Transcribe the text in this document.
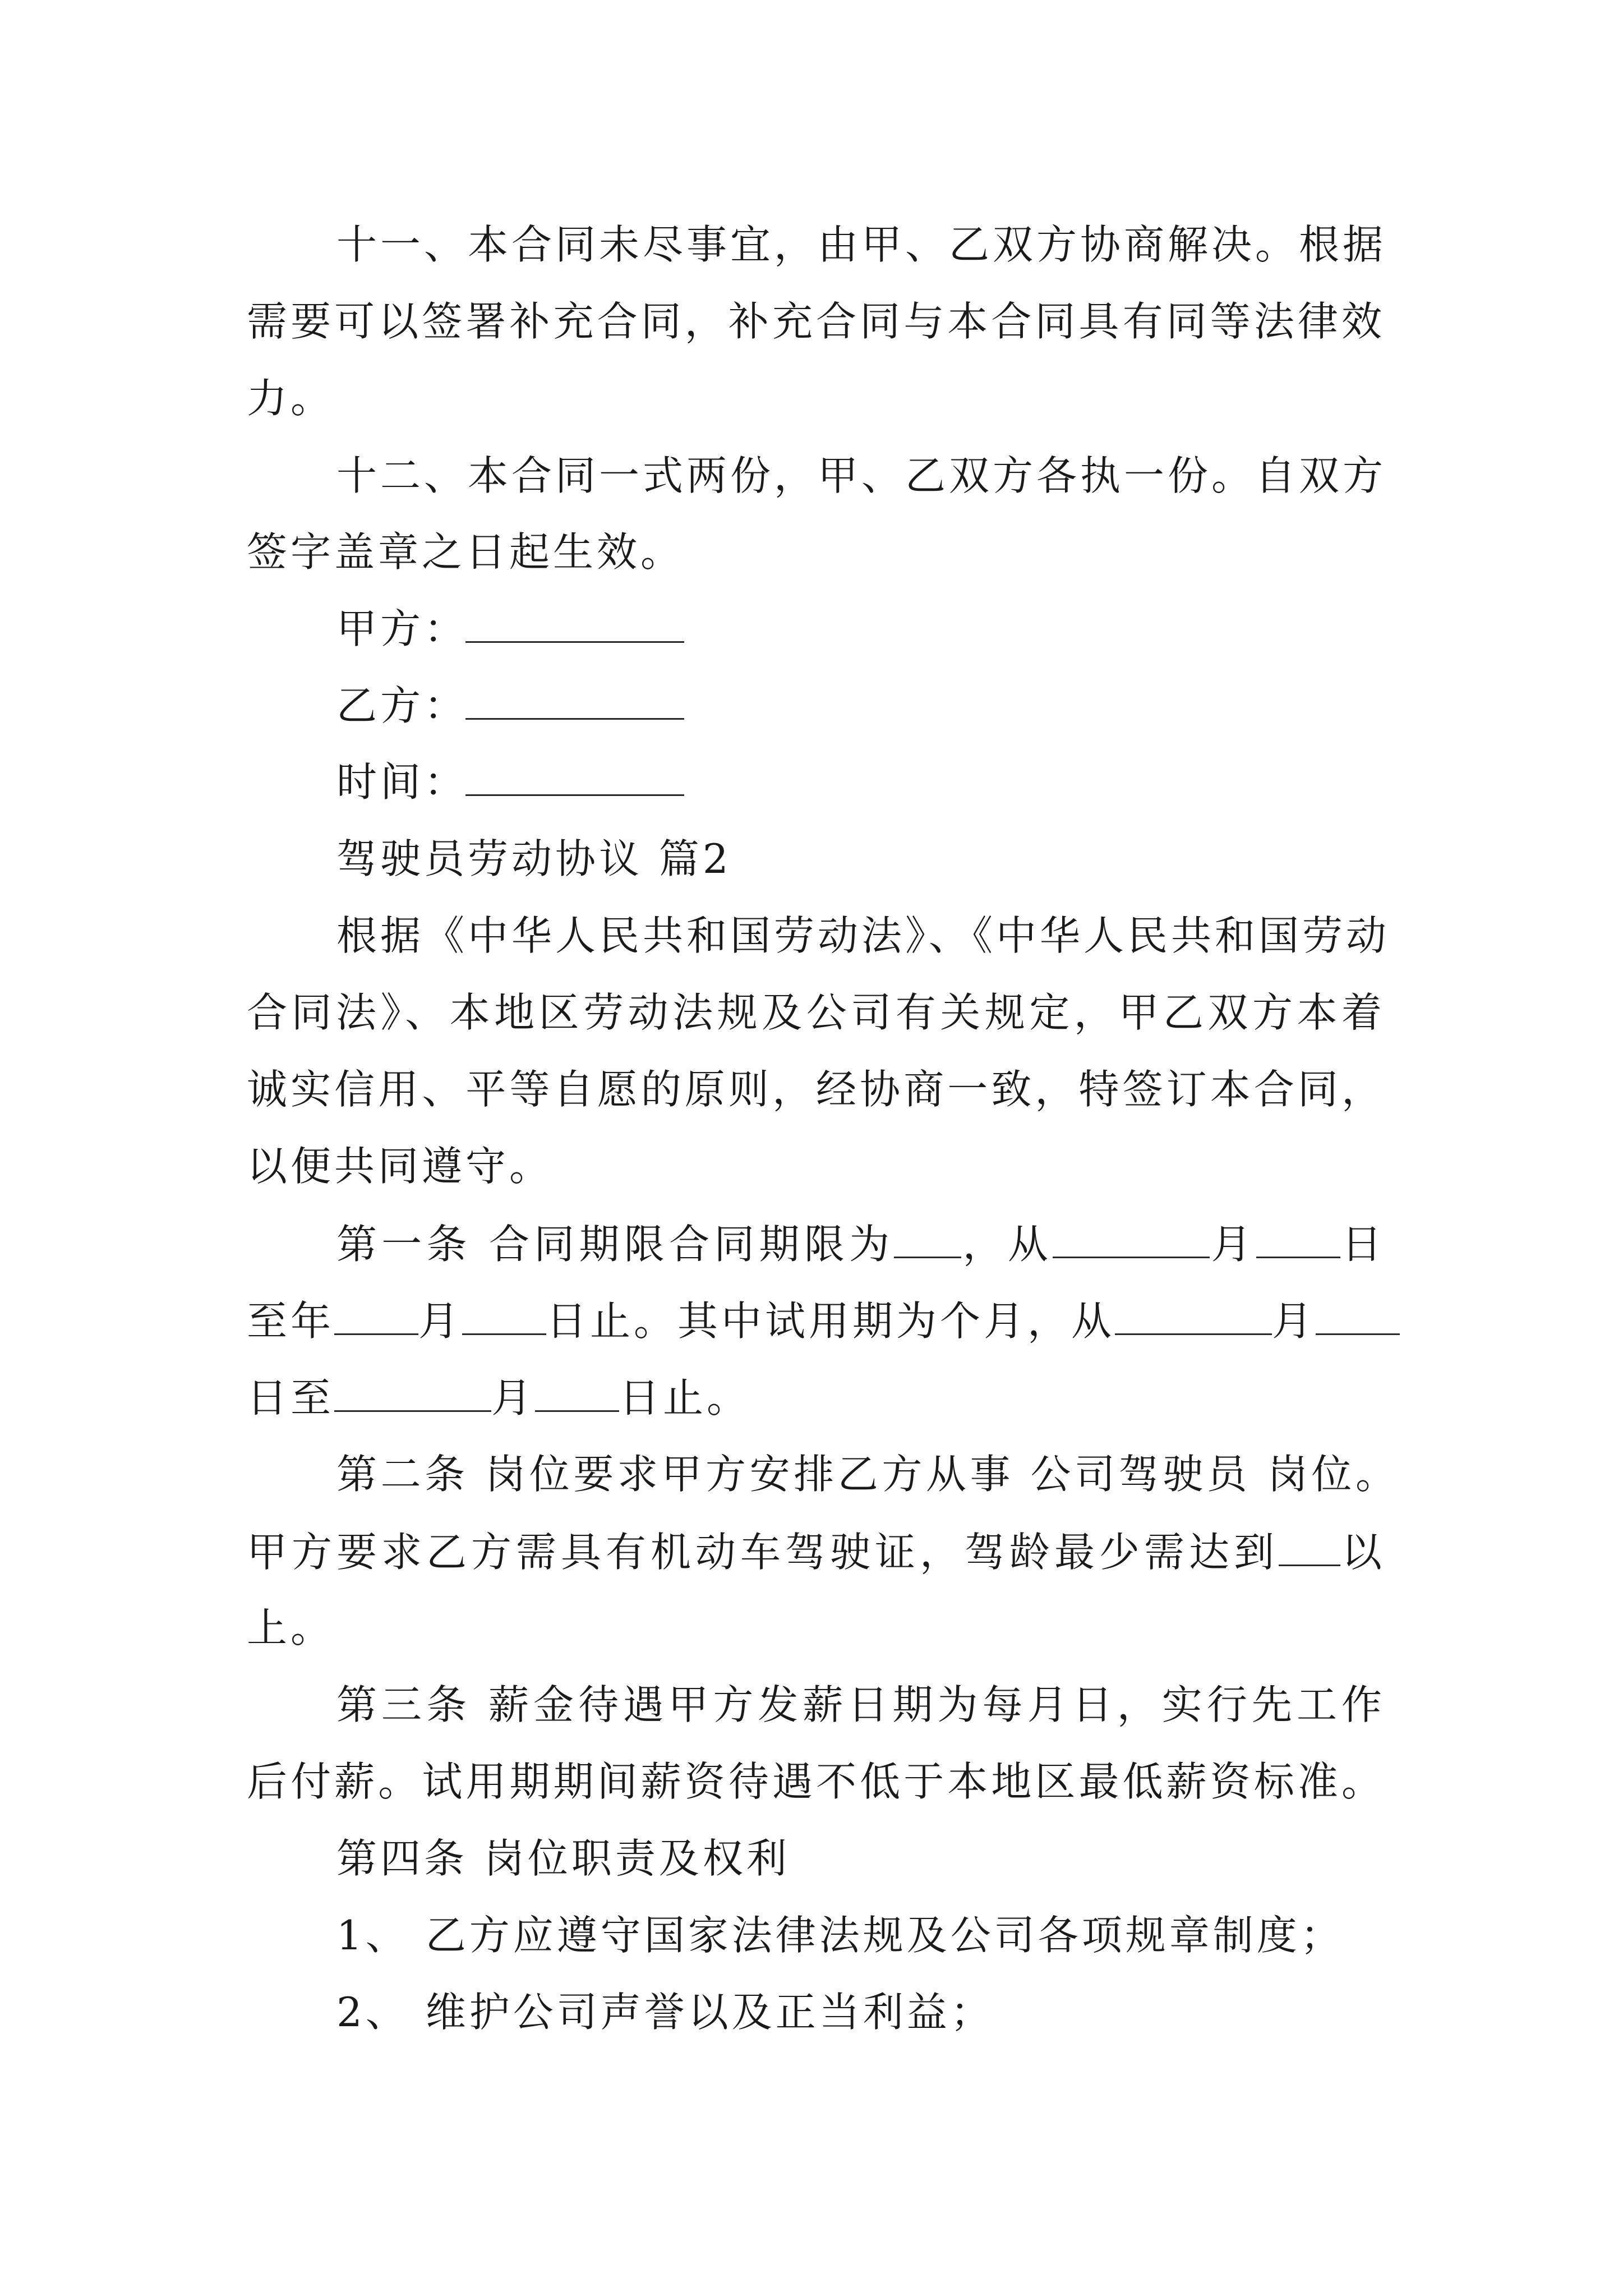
十一、本合同未尽事宜，由甲、乙双方协商解决。根据
需要可以签署补充合同，补充合同与本合同具有同等法律效
力。
十二、本合同一式两份，甲、乙双方各执一份。自双方
签字盖章之日起生效。
甲方：
乙方：
时间：
驾驶员劳动协议 篇2
根据《中华人民共和国劳动法》、《中华人民共和国劳动
合同法》、本地区劳动法规及公司有关规定，甲乙双方本着
诚实信用、平等自愿的原则，经协商一致，特签订本合同，
以便共同遵守。
第一条 合同期限合同期限为 ，从	月 日
至年 月 日止。其中试用期为个月，从	月
日至	月 日止。
第二条 岗位要求甲方安排乙方从事 公司驾驶员 岗位。
甲方要求乙方需具有机动车驾驶证，驾龄最少需达到 以
上。
第三条 薪金待遇甲方发薪日期为每月日，实行先工作
后付薪。试用期期间薪资待遇不低于本地区最低薪资标准。
第四条 岗位职责及权利
1、 乙方应遵守国家法律法规及公司各项规章制度；
2、 维护公司声誉以及正当利益；
